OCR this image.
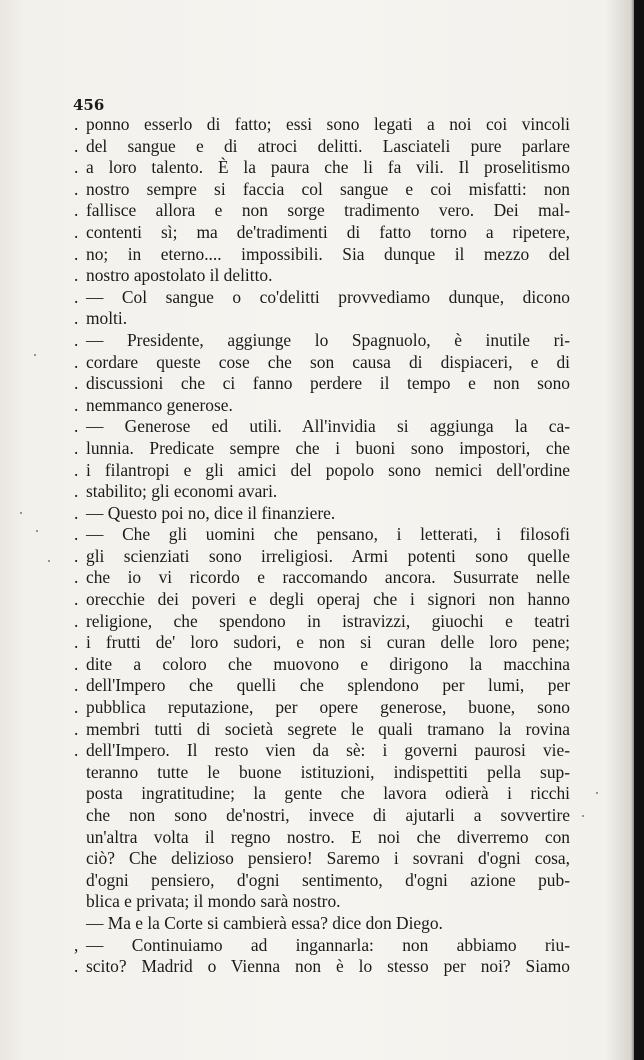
456
. ponno esserlo di fatto; essi sono legati a noi coi vincoli
. del sangue e di atroci delitti. Lasciateli pure parlare
. a loro talento. È la paura che li fa vili. Il proselitismo
. nostro sempre si faccia col sangue e coi misfatti: non
. fallisce allora e non sorge tradimento vero. Dei mal-
. contenti sì; ma de'tradimenti di fatto torno a ripetere,
. no; in eterno.... impossibili. Sia dunque il mezzo del
. nostro apostolato il delitto.
. — Col sangue o co'delitti provvediamo dunque, dicono
. molti.
. — Presidente, aggiunge lo Spagnuolo, è inutile ri-
. cordare queste cose che son causa di dispiaceri, e di
. discussioni che ci fanno perdere il tempo e non sono
. nemmanco generose.
. — Generose ed utili. All'invidia si aggiunga la ca-
. lunnia. Predicate sempre che i buoni sono impostori, che
. i filantropi e gli amici del popolo sono nemici dell'ordine
. stabilito; gli economi avari.
. — Questo poi no, dice il finanziere.
. — Che gli uomini che pensano, i letterati, i filosofi
. gli scienziati sono irreligiosi. Armi potenti sono quelle
. che io vi ricordo e raccomando ancora. Susurrate nelle
. orecchie dei poveri e degli operaj che i signori non hanno
. religione, che spendono in istravizzi, giuochi e teatri
. i frutti de' loro sudori, e non si curan delle loro pene;
. dite a coloro che muovono e dirigono la macchina
. dell'Impero che quelli che splendono per lumi, per
. pubblica reputazione, per opere generose, buone, sono
. membri tutti di società segrete le quali tramano la rovina
. dell'Impero. Il resto vien da sè: i governi paurosi vie-
teranno tutte le buone istituzioni, indispettiti pella sup-
posta ingratitudine; la gente che lavora odierà i ricchi
che non sono de'nostri, invece di ajutarli a sovvertire
un'altra volta il regno nostro. E noi che diverremo con
ciò? Che delizioso pensiero! Saremo i sovrani d'ogni cosa,
d'ogni pensiero, d'ogni sentimento, d'ogni azione pub-
blica e privata; il mondo sarà nostro.
— Ma e la Corte si cambierà essa? dice don Diego.
, — Continuiamo ad ingannarla: non abbiamo riu-
. scito? Madrid o Vienna non è lo stesso per noi? Siamo
